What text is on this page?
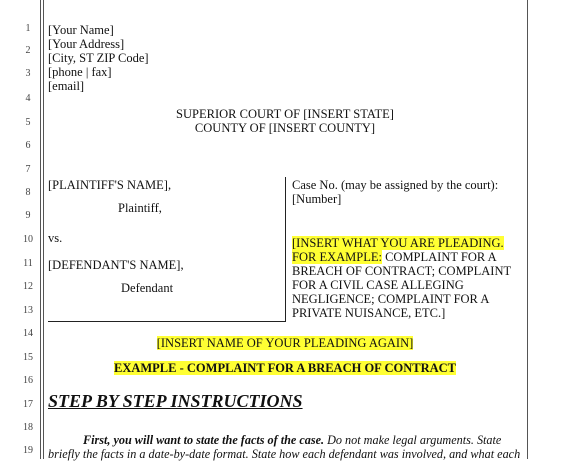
1
2
3
4
5
6
7
8
9
10
11
12
13
14
15
16
17
18
19
[Your Name]
[Your Address]
[City, ST ZIP Code]
[phone | fax]
[email]
SUPERIOR COURT OF [INSERT STATE]
COUNTY OF [INSERT COUNTY]
[PLAINTIFF'S NAME],
Plaintiff,
vs.
[DEFENDANT'S NAME],
Defendant
Case No. (may be assigned by the court):
[Number]
[INSERT WHAT YOU ARE PLEADING.
FOR EXAMPLE: COMPLAINT FOR A
BREACH OF CONTRACT; COMPLAINT
FOR A CIVIL CASE ALLEGING
NEGLIGENCE; COMPLAINT FOR A
PRIVATE NUISANCE, ETC.]
[INSERT NAME OF YOUR PLEADING AGAIN]
EXAMPLE - COMPLAINT FOR A BREACH OF CONTRACT
STEP BY STEP INSTRUCTIONS
First, you will want to state the facts of the case. Do not make legal arguments. State
briefly the facts in a date-by-date format. State how each defendant was involved, and what each
